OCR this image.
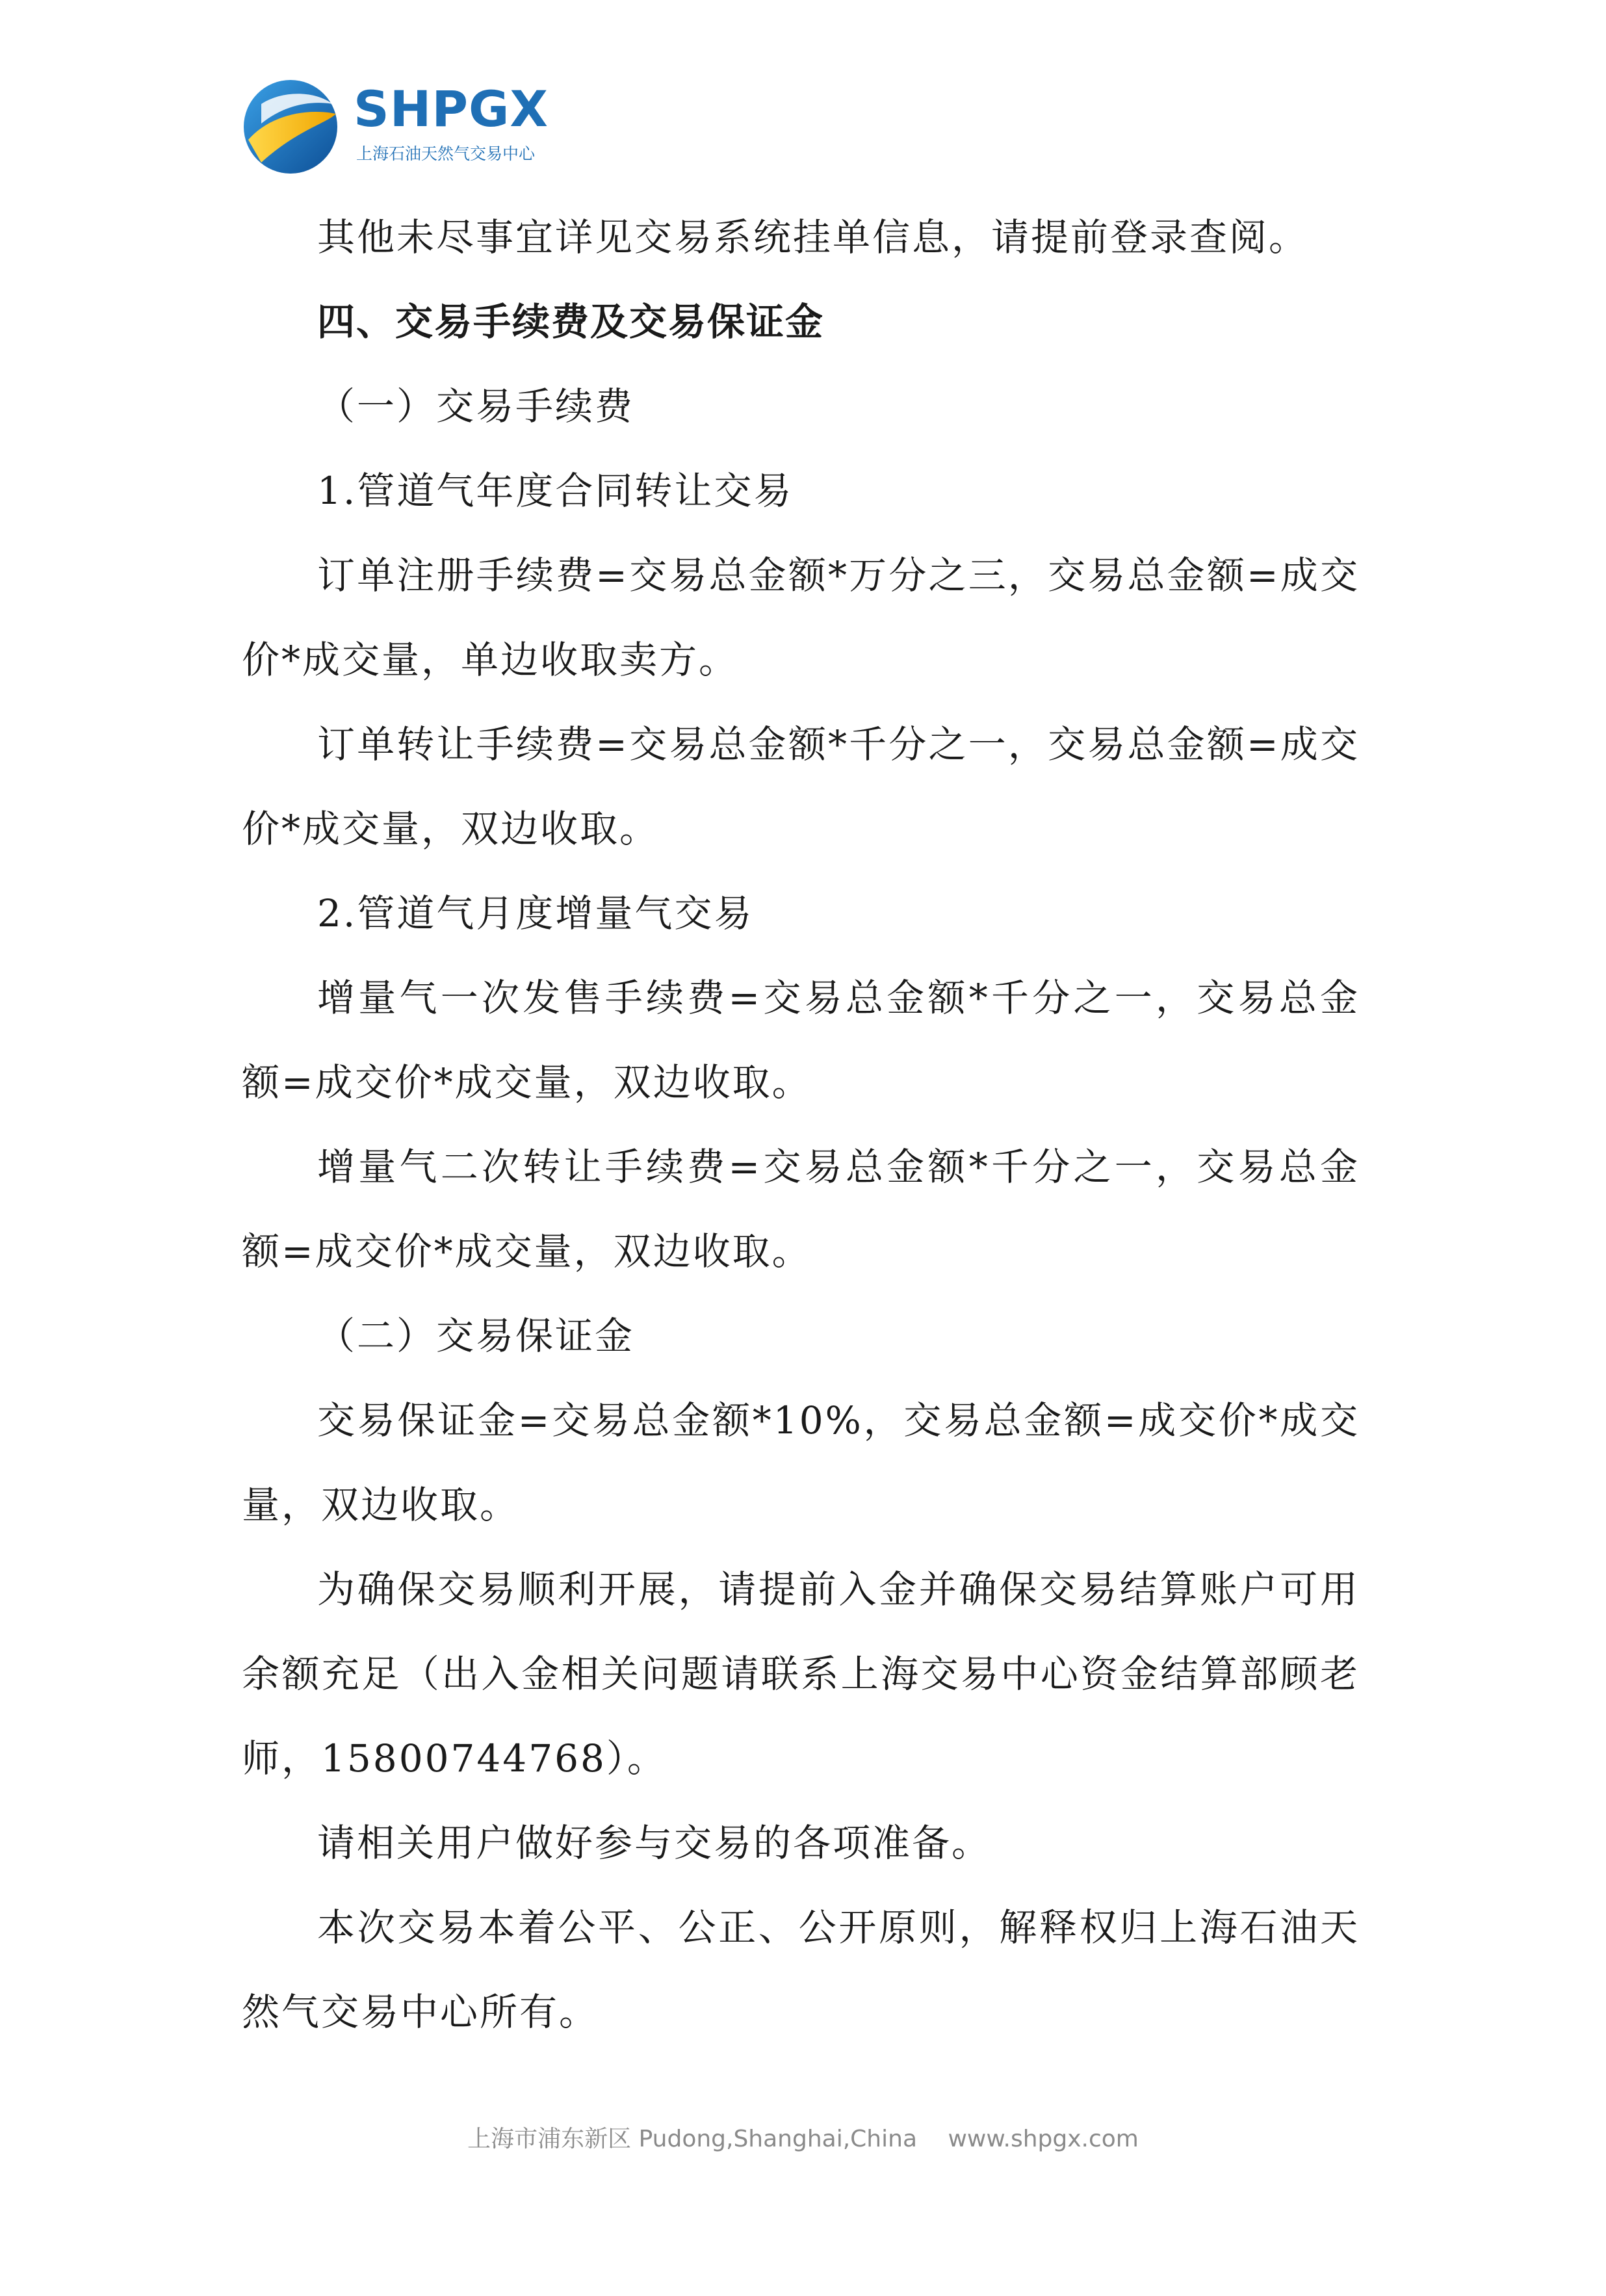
SHPGX
上海石油天然气交易中心

其他未尽事宜详见交易系统挂单信息，请提前登录查阅。

四、交易手续费及交易保证金

（一）交易手续费

1.管道气年度合同转让交易

订单注册手续费=交易总金额*万分之三，交易总金额=成交价*成交量，单边收取卖方。

订单转让手续费=交易总金额*千分之一，交易总金额=成交价*成交量，双边收取。

2.管道气月度增量气交易

增量气一次发售手续费=交易总金额*千分之一，交易总金额=成交价*成交量，双边收取。

增量气二次转让手续费=交易总金额*千分之一，交易总金额=成交价*成交量，双边收取。

（二）交易保证金

交易保证金=交易总金额*10%，交易总金额=成交价*成交量，双边收取。

为确保交易顺利开展，请提前入金并确保交易结算账户可用余额充足（出入金相关问题请联系上海交易中心资金结算部顾老师，15800744768）。

请相关用户做好参与交易的各项准备。

本次交易本着公平、公正、公开原则，解释权归上海石油天然气交易中心所有。

上海市浦东新区 Pudong,Shanghai,China www.shpgx.com
